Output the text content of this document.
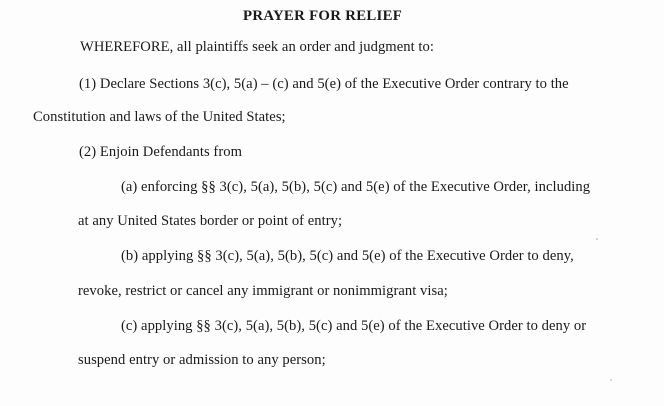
PRAYER FOR RELIEF
WHEREFORE, all plaintiffs seek an order and judgment to:
(1) Declare Sections 3(c), 5(a) – (c) and 5(e) of the Executive Order contrary to the
Constitution and laws of the United States;
(2) Enjoin Defendants from
(a) enforcing §§ 3(c), 5(a), 5(b), 5(c) and 5(e) of the Executive Order, including
at any United States border or point of entry;
(b) applying §§ 3(c), 5(a), 5(b), 5(c) and 5(e) of the Executive Order to deny,
revoke, restrict or cancel any immigrant or nonimmigrant visa;
(c) applying §§ 3(c), 5(a), 5(b), 5(c) and 5(e) of the Executive Order to deny or
suspend entry or admission to any person;
